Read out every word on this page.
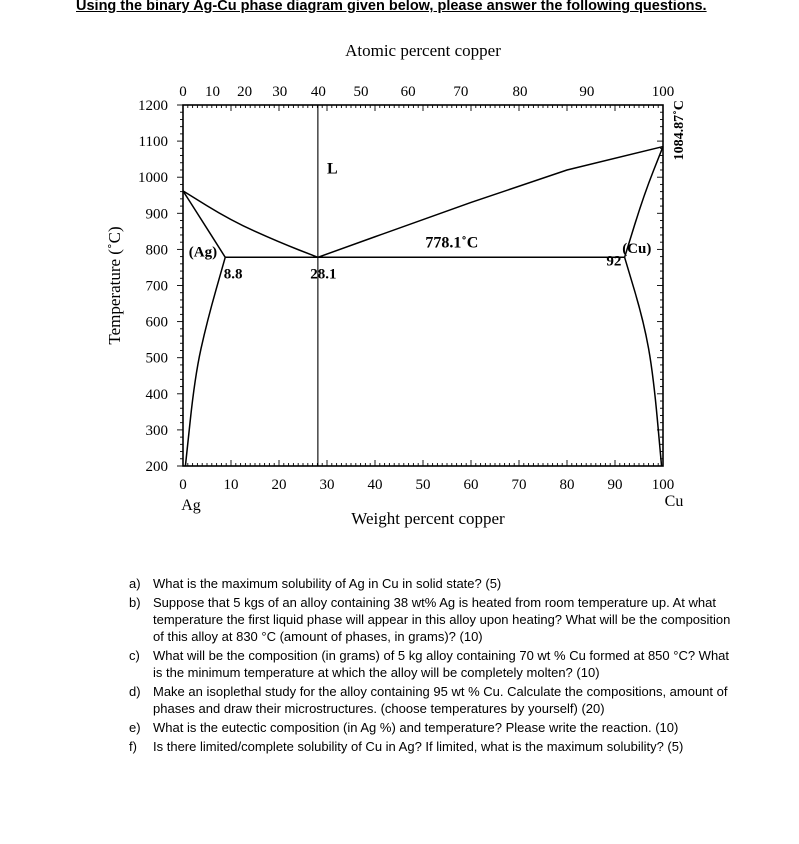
Using the binary Ag-Cu phase diagram given below, please answer the following questions.
1200
1100
1000
900
800
700
600
500
400
300
200
0 10 20 30 40 50 60 70 80 90 100
0 10 20 30 40 50 60	70	80	90	100
Atomic percent copper
Weight percent copper
Temperature (˚C)
Ag	Cu
L
(Ag)	(Cu)
778.1˚C
8.8	28.1
92
1084.87˚C
a) What is the maximum solubility of Ag in Cu in solid state? (5)
b) Suppose that 5 kgs of an alloy containing 38 wt% Ag is heated from room temperature up. At what temperature the first liquid phase will appear in this alloy upon heating? What will be the composition of this alloy at 830 °C (amount of phases, in grams)? (10)
c) What will be the composition (in grams) of 5 kg alloy containing 70 wt % Cu formed at 850 °C? What is the minimum temperature at which the alloy will be completely molten? (10)
d) Make an isoplethal study for the alloy containing 95 wt % Cu. Calculate the compositions, amount of phases and draw their microstructures. (choose temperatures by yourself) (20)
e) What is the eutectic composition (in Ag %) and temperature? Please write the reaction. (10)
f) Is there limited/complete solubility of Cu in Ag? If limited, what is the maximum solubility? (5)
